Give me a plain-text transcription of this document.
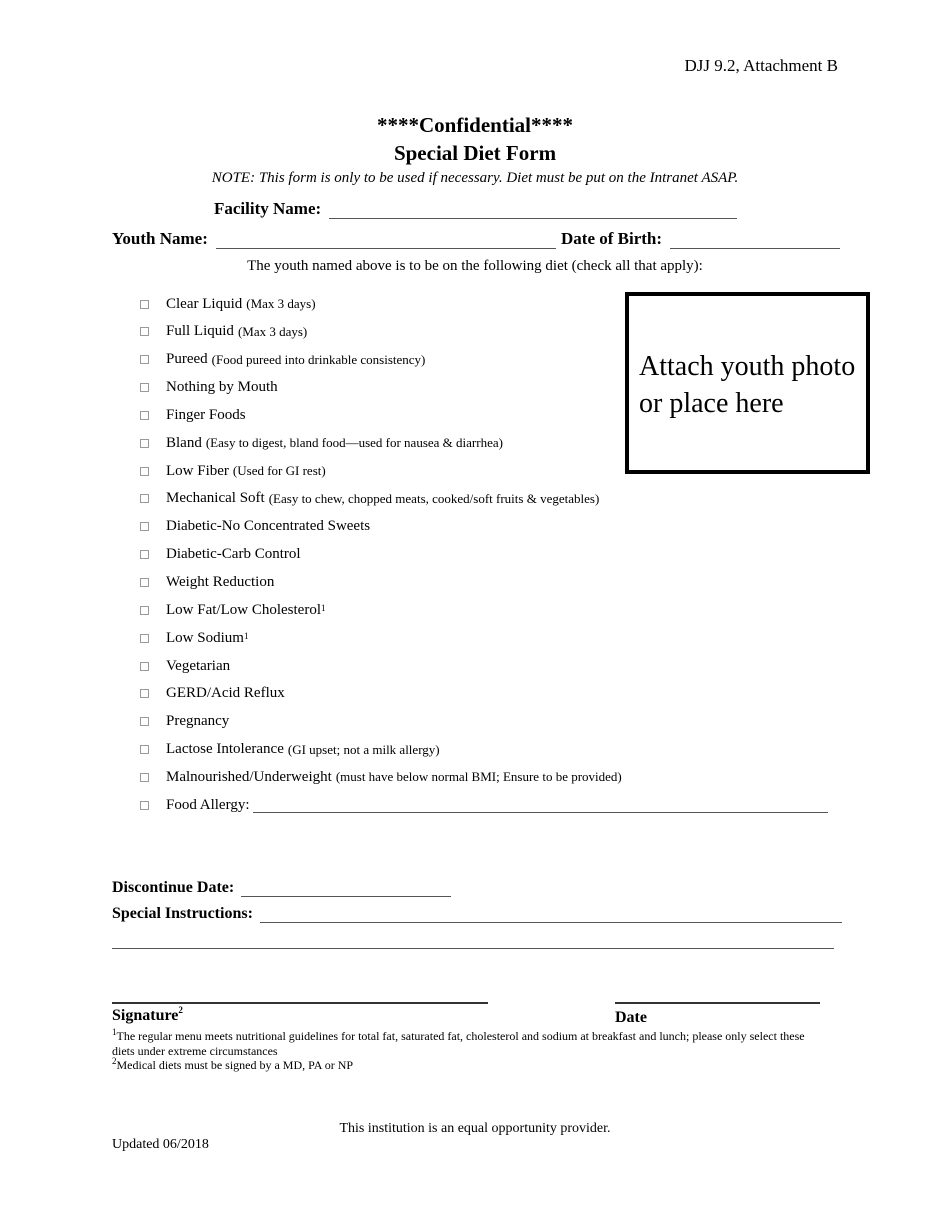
DJJ 9.2, Attachment B
****Confidential****
Special Diet Form
NOTE: This form is only to be used if necessary. Diet must be put on the Intranet ASAP.
Facility Name:
Youth Name:	Date of Birth:
The youth named above is to be on the following diet (check all that apply):
Clear Liquid (Max 3 days)
Full Liquid (Max 3 days)
Pureed (Food pureed into drinkable consistency)
Nothing by Mouth
Finger Foods
Bland (Easy to digest, bland food—used for nausea & diarrhea)
Low Fiber (Used for GI rest)
Mechanical Soft (Easy to chew, chopped meats, cooked/soft fruits & vegetables)
Diabetic-No Concentrated Sweets
Diabetic-Carb Control
Weight Reduction
Low Fat/Low Cholesterol$^1$
Low Sodium$^1$
Vegetarian
GERD/Acid Reflux
Pregnancy
Lactose Intolerance (GI upset; not a milk allergy)
Malnourished/Underweight (must have below normal BMI; Ensure to be provided)
Food Allergy:
Attach youth photo or place here
Discontinue Date:
Special Instructions:
Signature$^2$	Date
$^1$The regular menu meets nutritional guidelines for total fat, saturated fat, cholesterol and sodium at breakfast and lunch; please only select these
diets under extreme circumstances
$^2$Medical diets must be signed by a MD, PA or NP
This institution is an equal opportunity provider.
Updated 06/2018
